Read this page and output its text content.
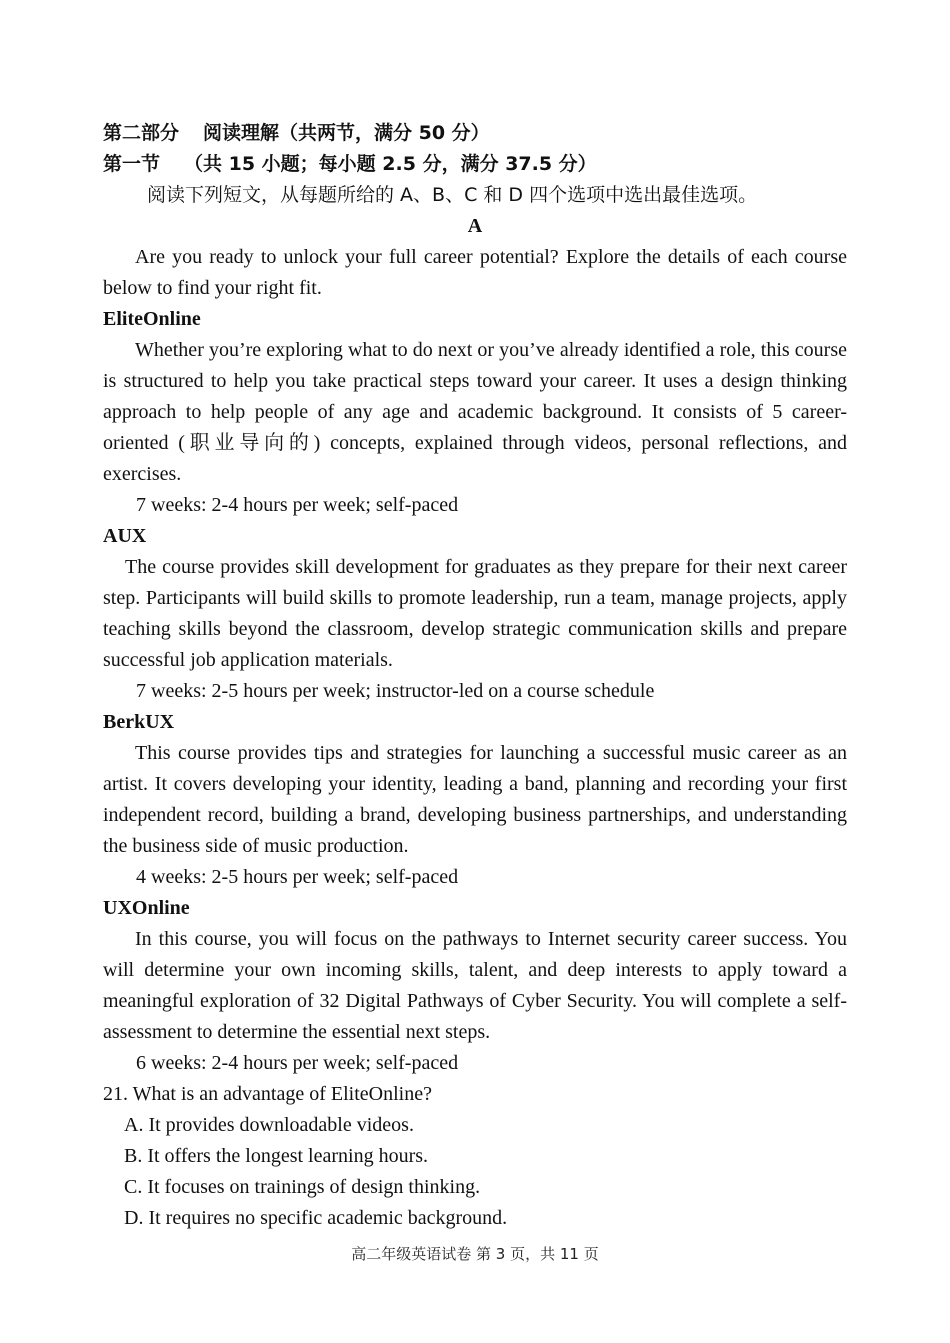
第二部分 阅读理解（共两节，满分 50 分）
第一节 （共 15 小题；每小题 2.5 分，满分 37.5 分）
阅读下列短文，从每题所给的 A、B、C 和 D 四个选项中选出最佳选项。
A
Are you ready to unlock your full career potential? Explore the details of each course below to find your right fit.
EliteOnline
Whether you’re exploring what to do next or you’ve already identified a role, this course is structured to help you take practical steps toward your career. It uses a design thinking approach to help people of any age and academic background. It consists of 5 career-oriented (职业导向的) concepts, explained through videos, personal reflections, and exercises.
7 weeks: 2-4 hours per week; self-paced
AUX
The course provides skill development for graduates as they prepare for their next career step. Participants will build skills to promote leadership, run a team, manage projects, apply teaching skills beyond the classroom, develop strategic communication skills and prepare successful job application materials.
7 weeks: 2-5 hours per week; instructor-led on a course schedule
BerkUX
This course provides tips and strategies for launching a successful music career as an artist. It covers developing your identity, leading a band, planning and recording your first independent record, building a brand, developing business partnerships, and understanding the business side of music production.
4 weeks: 2-5 hours per week; self-paced
UXOnline
In this course, you will focus on the pathways to Internet security career success. You will determine your own incoming skills, talent, and deep interests to apply toward a meaningful exploration of 32 Digital Pathways of Cyber Security. You will complete a self-assessment to determine the essential next steps.
6 weeks: 2-4 hours per week; self-paced
21. What is an advantage of EliteOnline?
A. It provides downloadable videos.
B. It offers the longest learning hours.
C. It focuses on trainings of design thinking.
D. It requires no specific academic background.
高二年级英语试卷 第 3 页，共 11 页
